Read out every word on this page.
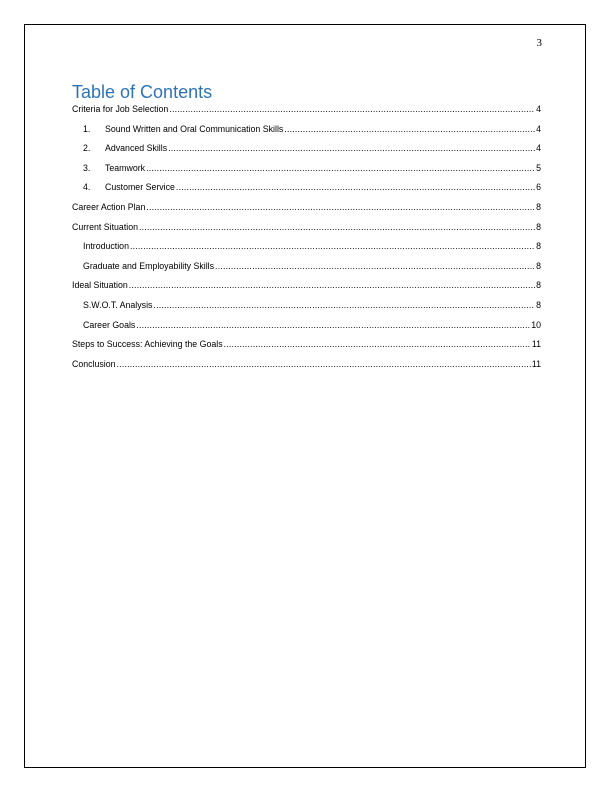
3
Table of Contents
Criteria for Job Selection .....	4
1.	Sound Written and Oral Communication Skills .....	4
2.	Advanced Skills .....	4
3.	Teamwork .....	5
4.	Customer Service .....	6
Career Action Plan .....	8
Current Situation .....	8
Introduction .....	8
Graduate and Employability Skills .....	8
Ideal Situation .....	8
S.W.O.T. Analysis .....	8
Career Goals .....	10
Steps to Success: Achieving the Goals .....	11
Conclusion .....	11
